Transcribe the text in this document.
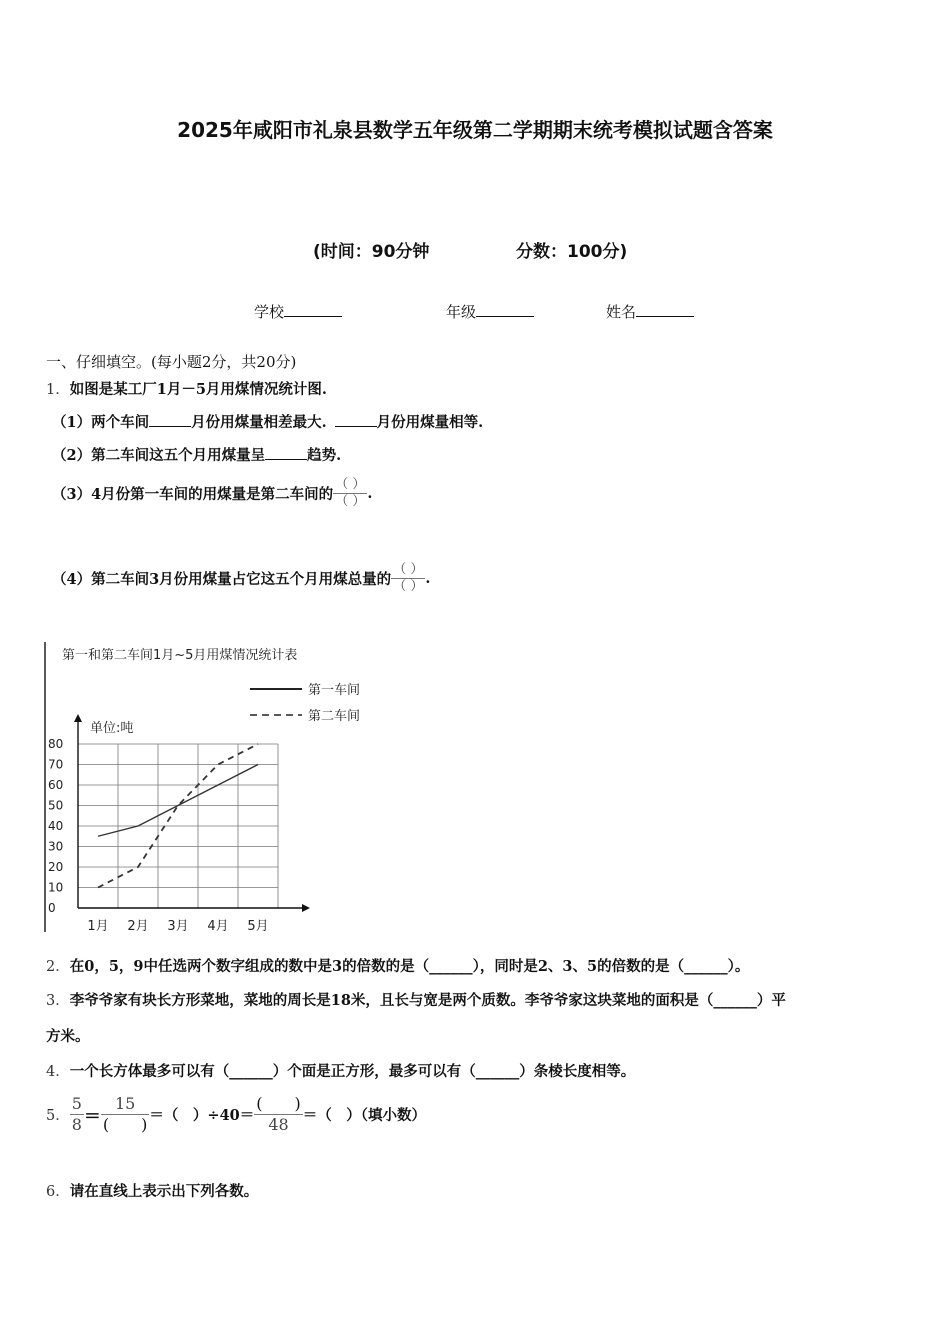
2025年咸阳市礼泉县数学五年级第二学期期末统考模拟试题含答案
(时间：90分钟	分数：100分)
学校	年级	姓名
一、仔细填空。(每小题2分，共20分)
1．如图是某工厂1月－5月用煤情况统计图.
（1）两个车间	月份用煤量相差最大.	月份用煤量相等.
（2）第二车间这五个月用煤量呈	趋势.
（3）4月份第一车间的用煤量是第二车间的 $\frac{( )}{( )}$ .
（4）第二车间3月份用煤量占它这五个月用煤总量的 $\frac{( )}{( )}$ .
第一和第二车间1月~5月用煤情况统计表
第一车间
第二车间
单位:吨
0
10
20
30
40
50
60
70
80
1月 2月 3月 4月 5月
2．在0，5，9中任选两个数字组成的数中是3的倍数的是（______），同时是2、3、5的倍数的是（______）。
3．李爷爷家有块长方形菜地，菜地的周长是18米，且长与宽是两个质数。李爷爷家这块菜地的面积是（______）平
方米。
4．一个长方体最多可以有（______）个面是正方形，最多可以有（______）条棱长度相等。
5． $\frac{5}{8} = \frac{15}{( )}$ ＝（　）$\div 40= \frac{( )}{48}$ ＝（　）（填小数）
6．请在直线上表示出下列各数。
